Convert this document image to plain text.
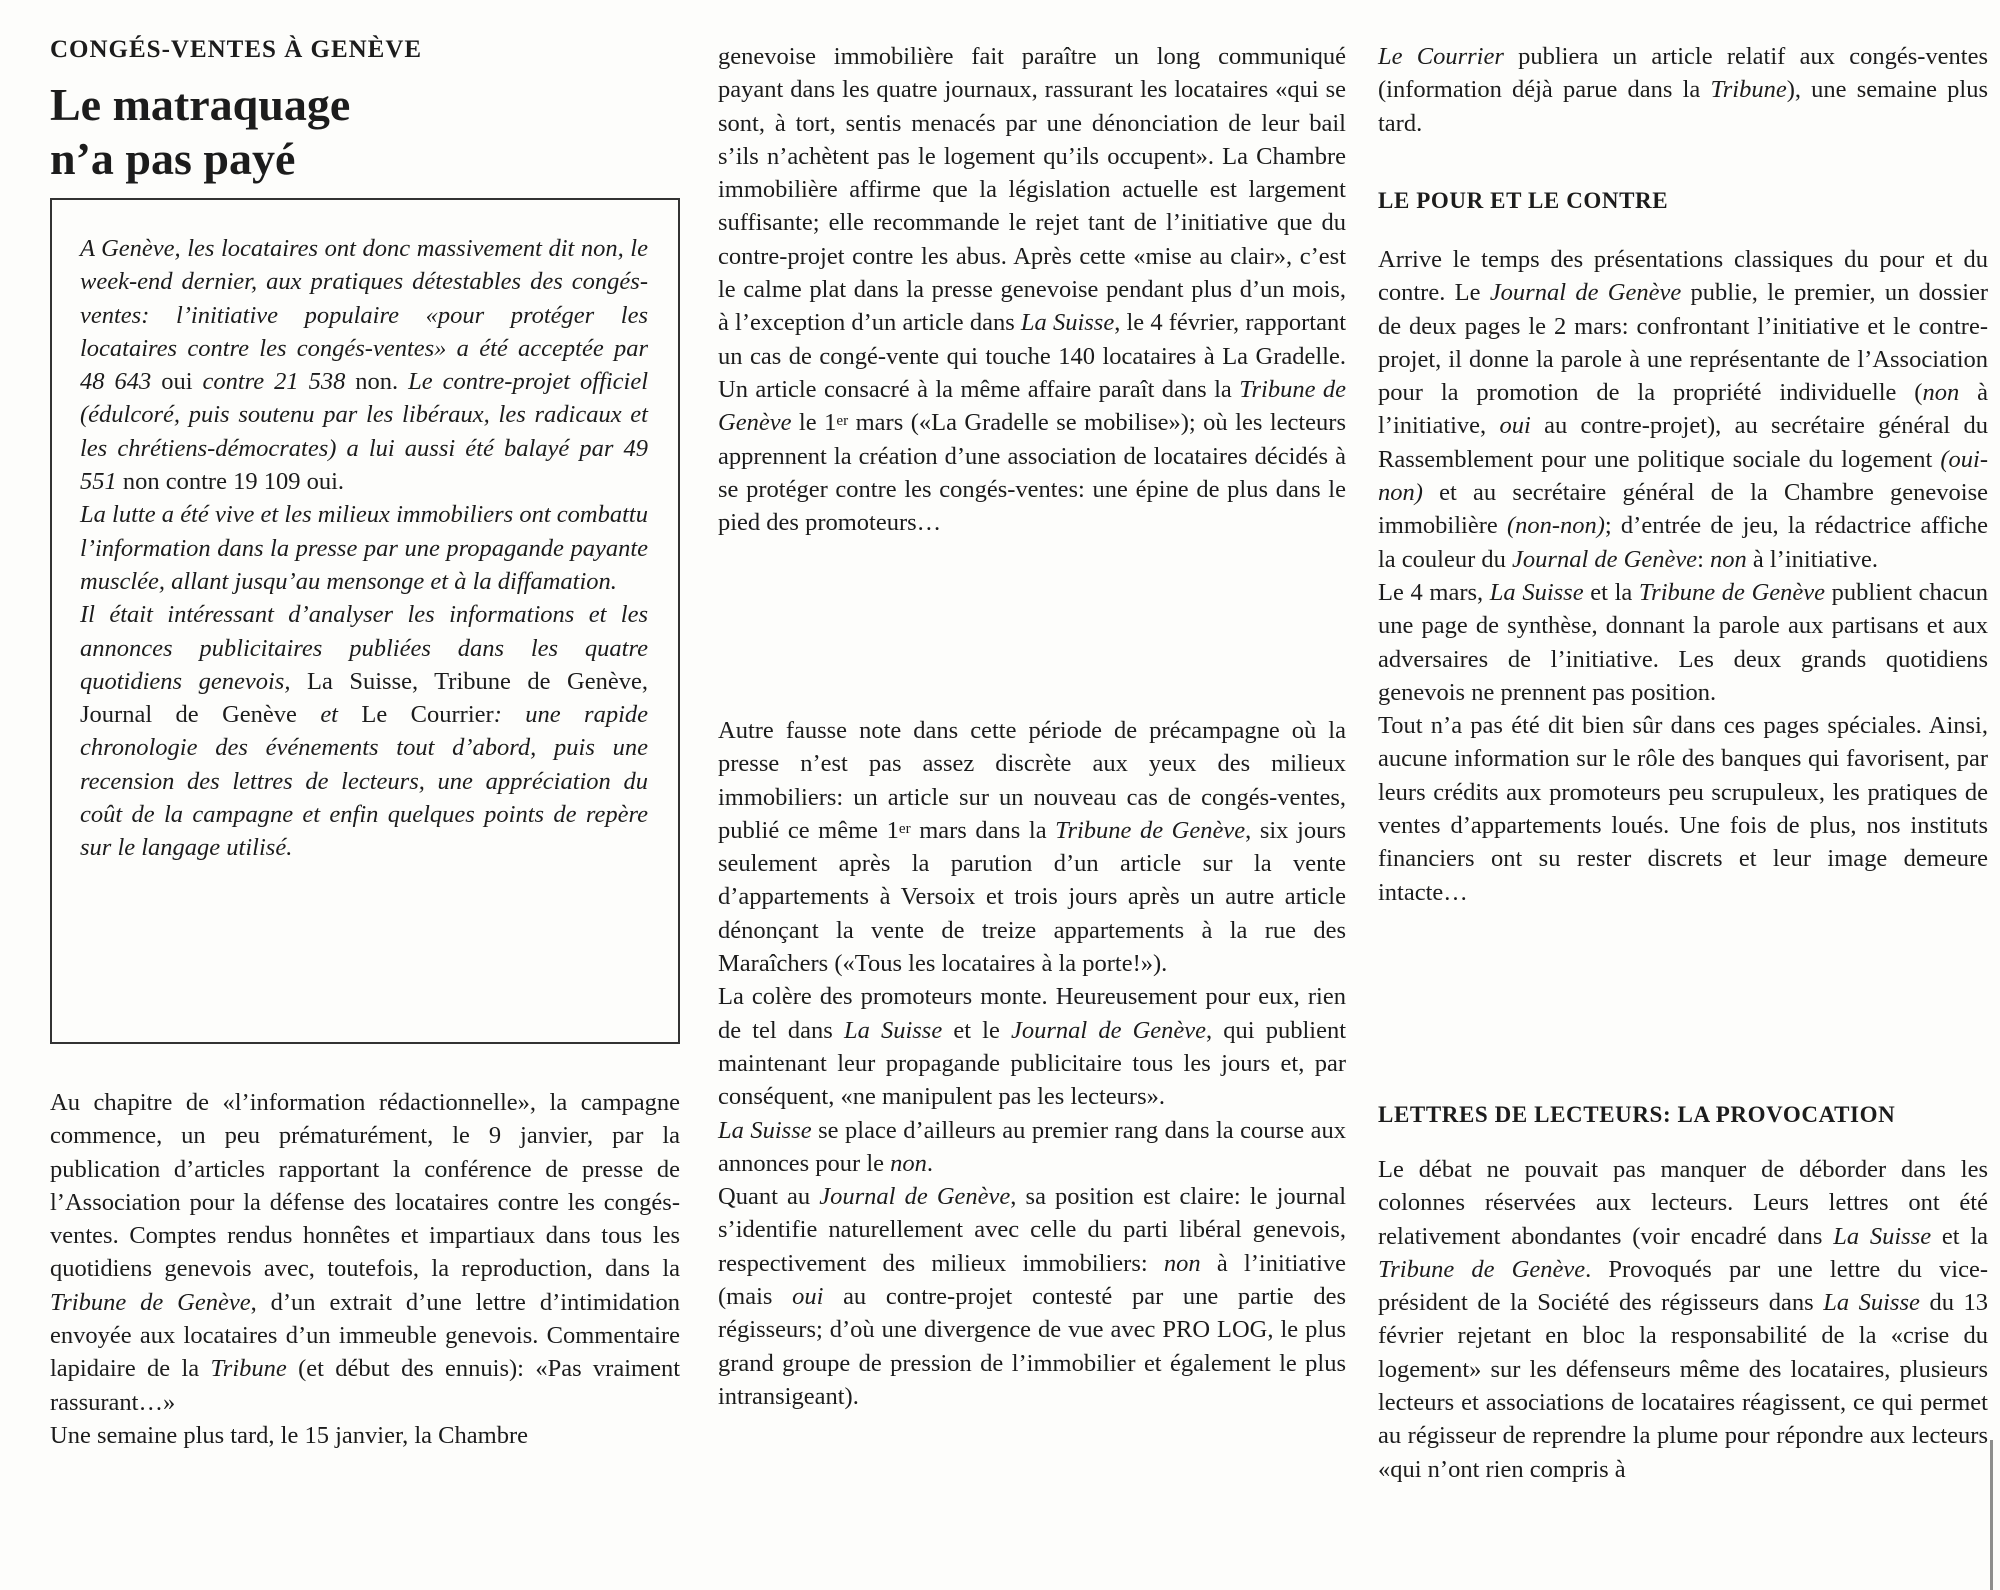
CONGÉS-VENTES À GENÈVE
Le matraquage
n’a pas payé

A Genève, les locataires ont donc massivement dit non, le week-end dernier, aux pratiques détestables des congés-ventes: l’initiative populaire «pour protéger les locataires contre les congés-ventes» a été acceptée par 48 643 oui contre 21 538 non. Le contre-projet officiel (édulcoré, puis soutenu par les libéraux, les radicaux et les chrétiens-démocrates) a lui aussi été balayé par 49 551 non contre 19 109 oui.

La lutte a été vive et les milieux immobiliers ont combattu l’information dans la presse par une propagande payante musclée, allant jusqu’au mensonge et à la diffamation.

Il était intéressant d’analyser les informations et les annonces publicitaires publiées dans les quatre quotidiens genevois, La Suisse, Tribune de Genève, Journal de Genève et Le Courrier: une rapide chronologie des événements tout d’abord, puis une recension des lettres de lecteurs, une appréciation du coût de la campagne et enfin quelques points de repère sur le langage utilisé.

Au chapitre de «l’information rédactionnelle», la campagne commence, un peu prématurément, le 9 janvier, par la publication d’articles rapportant la conférence de presse de l’Association pour la défense des locataires contre les congés-ventes. Comptes rendus honnêtes et impartiaux dans tous les quotidiens genevois avec, toutefois, la reproduction, dans la Tribune de Genève, d’un extrait d’une lettre d’intimidation envoyée aux locataires d’un immeuble genevois. Commentaire lapidaire de la Tribune (et début des ennuis): «Pas vraiment rassurant…»

Une semaine plus tard, le 15 janvier, la Chambre

genevoise immobilière fait paraître un long communiqué payant dans les quatre journaux, rassurant les locataires «qui se sont, à tort, sentis menacés par une dénonciation de leur bail s’ils n’achètent pas le logement qu’ils occupent». La Chambre immobilière affirme que la législation actuelle est largement suffisante; elle recommande le rejet tant de l’initiative que du contre-projet contre les abus. Après cette «mise au clair», c’est le calme plat dans la presse genevoise pendant plus d’un mois, à l’exception d’un article dans La Suisse, le 4 février, rapportant un cas de congé-vente qui touche 140 locataires à La Gradelle. Un article consacré à la même affaire paraît dans la Tribune de Genève le 1er mars («La Gradelle se mobilise»); où les lecteurs apprennent la création d’une association de locataires décidés à se protéger contre les congés-ventes: une épine de plus dans le pied des promoteurs…

Autre fausse note dans cette période de précampagne où la presse n’est pas assez discrète aux yeux des milieux immobiliers: un article sur un nouveau cas de congés-ventes, publié ce même 1er mars dans la Tribune de Genève, six jours seulement après la parution d’un article sur la vente d’appartements à Versoix et trois jours après un autre article dénonçant la vente de treize appartements à la rue des Maraîchers («Tous les locataires à la porte!»).

La colère des promoteurs monte. Heureusement pour eux, rien de tel dans La Suisse et le Journal de Genève, qui publient maintenant leur propagande publicitaire tous les jours et, par conséquent, «ne manipulent pas les lecteurs».

La Suisse se place d’ailleurs au premier rang dans la course aux annonces pour le non.

Quant au Journal de Genève, sa position est claire: le journal s’identifie naturellement avec celle du parti libéral genevois, respectivement des milieux immobiliers: non à l’initiative (mais oui au contre-projet contesté par une partie des régisseurs; d’où une divergence de vue avec PRO LOG, le plus grand groupe de pression de l’immobilier et également le plus intransigeant).

Le Courrier publiera un article relatif aux congés-ventes (information déjà parue dans la Tribune), une semaine plus tard.

LE POUR ET LE CONTRE

Arrive le temps des présentations classiques du pour et du contre. Le Journal de Genève publie, le premier, un dossier de deux pages le 2 mars: confrontant l’initiative et le contre-projet, il donne la parole à une représentante de l’Association pour la promotion de la propriété individuelle (non à l’initiative, oui au contre-projet), au secrétaire général du Rassemblement pour une politique sociale du logement (oui-non) et au secrétaire général de la Chambre genevoise immobilière (non-non); d’entrée de jeu, la rédactrice affiche la couleur du Journal de Genève: non à l’initiative.

Le 4 mars, La Suisse et la Tribune de Genève publient chacun une page de synthèse, donnant la parole aux partisans et aux adversaires de l’initiative. Les deux grands quotidiens genevois ne prennent pas position.

Tout n’a pas été dit bien sûr dans ces pages spéciales. Ainsi, aucune information sur le rôle des banques qui favorisent, par leurs crédits aux promoteurs peu scrupuleux, les pratiques de ventes d’appartements loués. Une fois de plus, nos instituts financiers ont su rester discrets et leur image demeure intacte…

LETTRES DE LECTEURS: LA PROVOCATION

Le débat ne pouvait pas manquer de déborder dans les colonnes réservées aux lecteurs. Leurs lettres ont été relativement abondantes (voir encadré dans La Suisse et la Tribune de Genève. Provoqués par une lettre du vice-président de la Société des régisseurs dans La Suisse du 13 février rejetant en bloc la responsabilité de la «crise du logement» sur les défenseurs même des locataires, plusieurs lecteurs et associations de locataires réagissent, ce qui permet au régisseur de reprendre la plume pour répondre aux lecteurs «qui n’ont rien compris à
